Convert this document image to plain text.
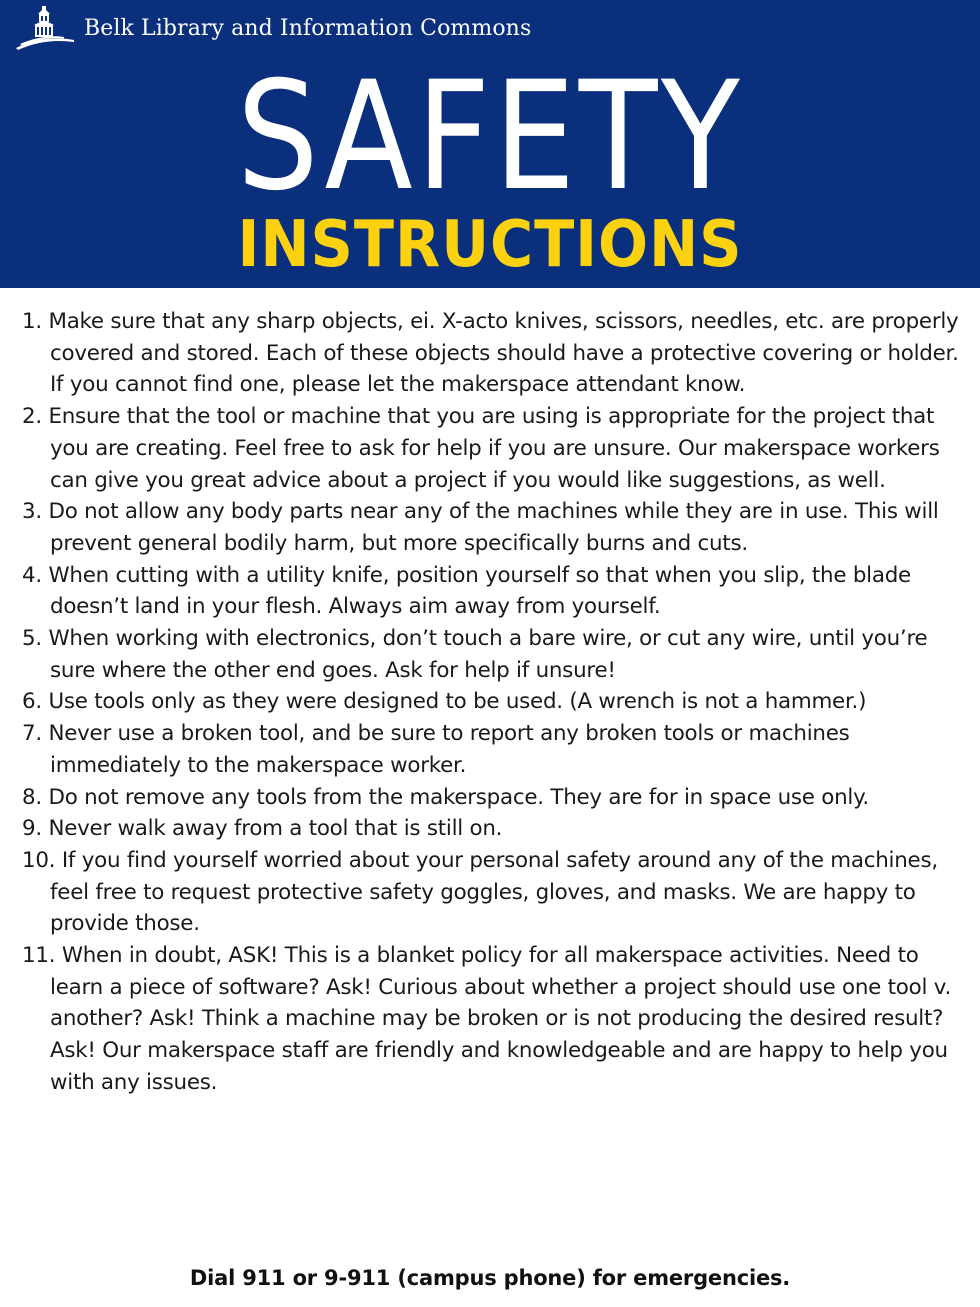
Belk Library and Information Commons
SAFETY
INSTRUCTIONS
1. Make sure that any sharp objects, ei. X-acto knives, scissors, needles, etc. are properly covered and stored. Each of these objects should have a protective covering or holder. If you cannot find one, please let the makerspace attendant know.
2. Ensure that the tool or machine that you are using is appropriate for the project that you are creating. Feel free to ask for help if you are unsure. Our makerspace workers can give you great advice about a project if you would like suggestions, as well.
3. Do not allow any body parts near any of the machines while they are in use. This will prevent general bodily harm, but more specifically burns and cuts.
4. When cutting with a utility knife, position yourself so that when you slip, the blade doesn’t land in your flesh. Always aim away from yourself.
5. When working with electronics, don’t touch a bare wire, or cut any wire, until you’re sure where the other end goes. Ask for help if unsure!
6. Use tools only as they were designed to be used. (A wrench is not a hammer.)
7. Never use a broken tool, and be sure to report any broken tools or machines immediately to the makerspace worker.
8. Do not remove any tools from the makerspace. They are for in space use only.
9. Never walk away from a tool that is still on.
10. If you find yourself worried about your personal safety around any of the machines, feel free to request protective safety goggles, gloves, and masks. We are happy to provide those.
11. When in doubt, ASK! This is a blanket policy for all makerspace activities. Need to learn a piece of software? Ask! Curious about whether a project should use one tool v. another? Ask! Think a machine may be broken or is not producing the desired result? Ask! Our makerspace staff are friendly and knowledgeable and are happy to help you with any issues.
Dial 911 or 9-911 (campus phone) for emergencies.
